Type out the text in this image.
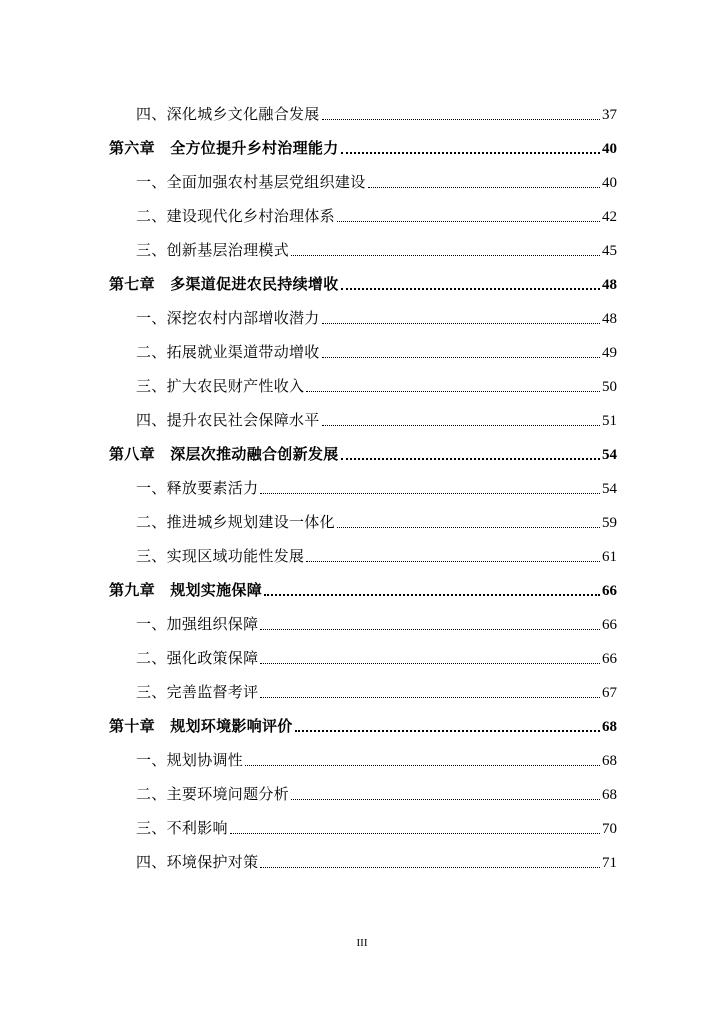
四、深化城乡文化融合发展	37
第六章　全方位提升乡村治理能力	40
一、全面加强农村基层党组织建设	40
二、建设现代化乡村治理体系	42
三、创新基层治理模式	45
第七章　多渠道促进农民持续增收	48
一、深挖农村内部增收潜力	48
二、拓展就业渠道带动增收	49
三、扩大农民财产性收入	50
四、提升农民社会保障水平	51
第八章　深层次推动融合创新发展	54
一、释放要素活力	54
二、推进城乡规划建设一体化	59
三、实现区域功能性发展	61
第九章　规划实施保障	66
一、加强组织保障	66
二、强化政策保障	66
三、完善监督考评	67
第十章　规划环境影响评价	68
一、规划协调性	68
二、主要环境问题分析	68
三、不利影响	70
四、环境保护对策	71
III
